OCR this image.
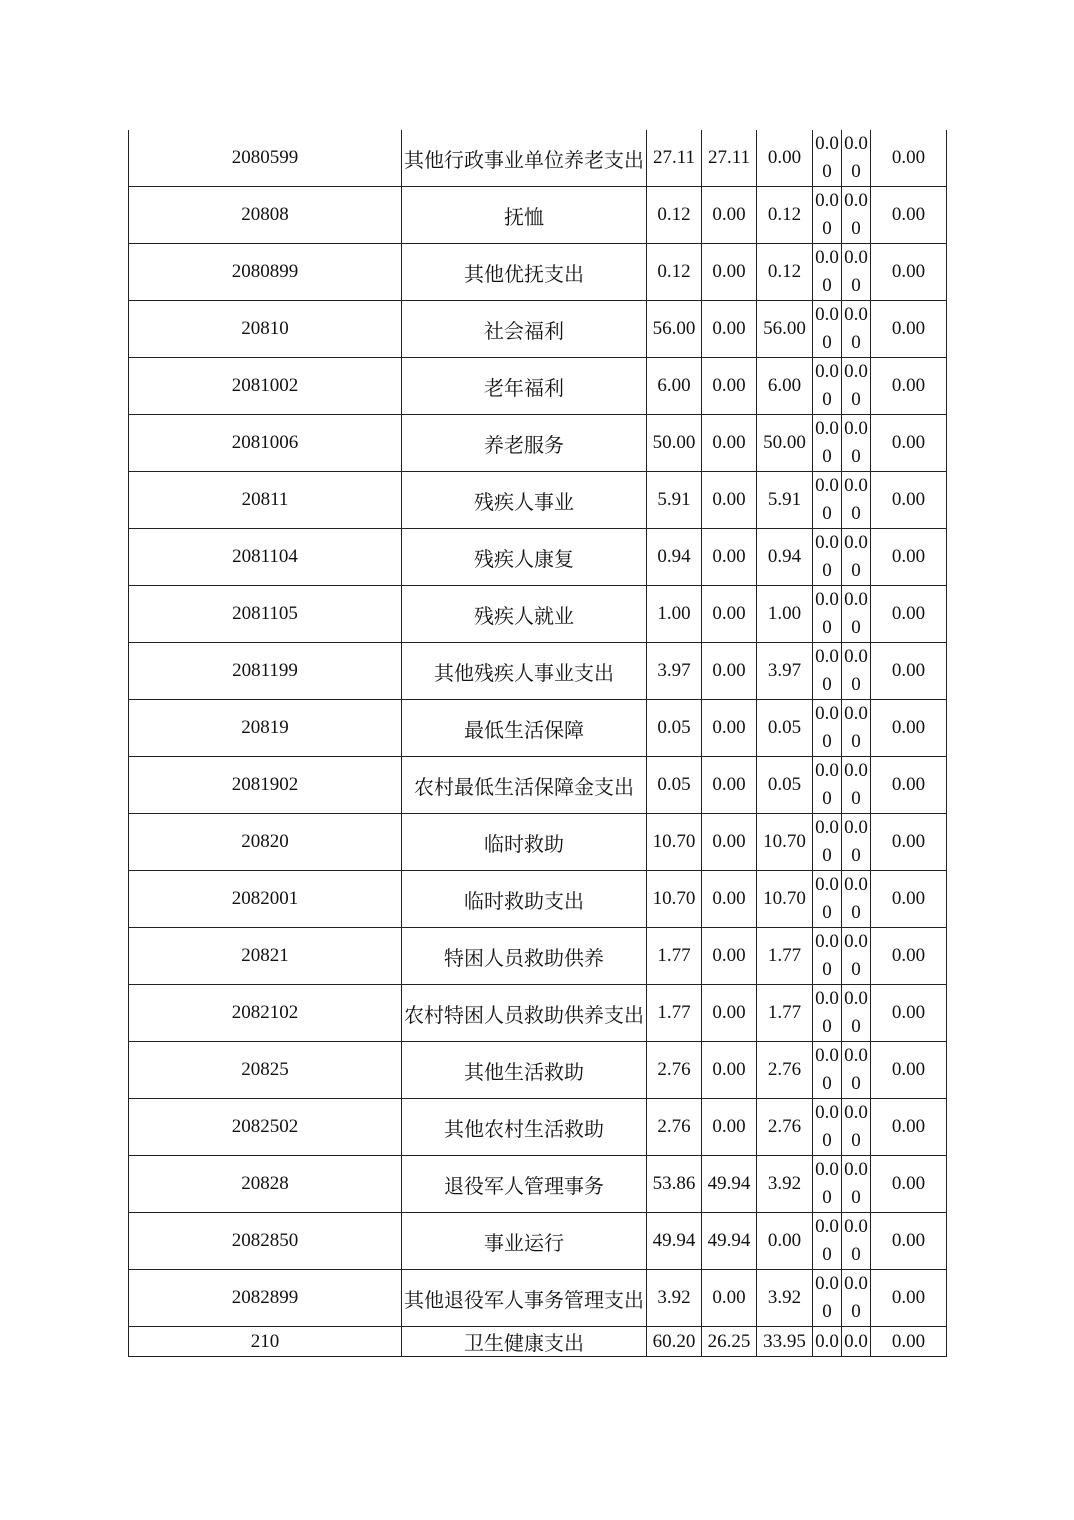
2080599	其他行政事业单位养老支出	27.11	27.11	0.00	0.00	0.00	0.00
20808	抚恤	0.12	0.00	0.12	0.00	0.00	0.00
2080899	其他优抚支出	0.12	0.00	0.12	0.00	0.00	0.00
20810	社会福利	56.00	0.00	56.00	0.00	0.00	0.00
2081002	老年福利	6.00	0.00	6.00	0.00	0.00	0.00
2081006	养老服务	50.00	0.00	50.00	0.00	0.00	0.00
20811	残疾人事业	5.91	0.00	5.91	0.00	0.00	0.00
2081104	残疾人康复	0.94	0.00	0.94	0.00	0.00	0.00
2081105	残疾人就业	1.00	0.00	1.00	0.00	0.00	0.00
2081199	其他残疾人事业支出	3.97	0.00	3.97	0.00	0.00	0.00
20819	最低生活保障	0.05	0.00	0.05	0.00	0.00	0.00
2081902	农村最低生活保障金支出	0.05	0.00	0.05	0.00	0.00	0.00
20820	临时救助	10.70	0.00	10.70	0.00	0.00	0.00
2082001	临时救助支出	10.70	0.00	10.70	0.00	0.00	0.00
20821	特困人员救助供养	1.77	0.00	1.77	0.00	0.00	0.00
2082102	农村特困人员救助供养支出	1.77	0.00	1.77	0.00	0.00	0.00
20825	其他生活救助	2.76	0.00	2.76	0.00	0.00	0.00
2082502	其他农村生活救助	2.76	0.00	2.76	0.00	0.00	0.00
20828	退役军人管理事务	53.86	49.94	3.92	0.00	0.00	0.00
2082850	事业运行	49.94	49.94	0.00	0.00	0.00	0.00
2082899	其他退役军人事务管理支出	3.92	0.00	3.92	0.00	0.00	0.00
210	卫生健康支出	60.20	26.25	33.95	0.0	0.0	0.00
